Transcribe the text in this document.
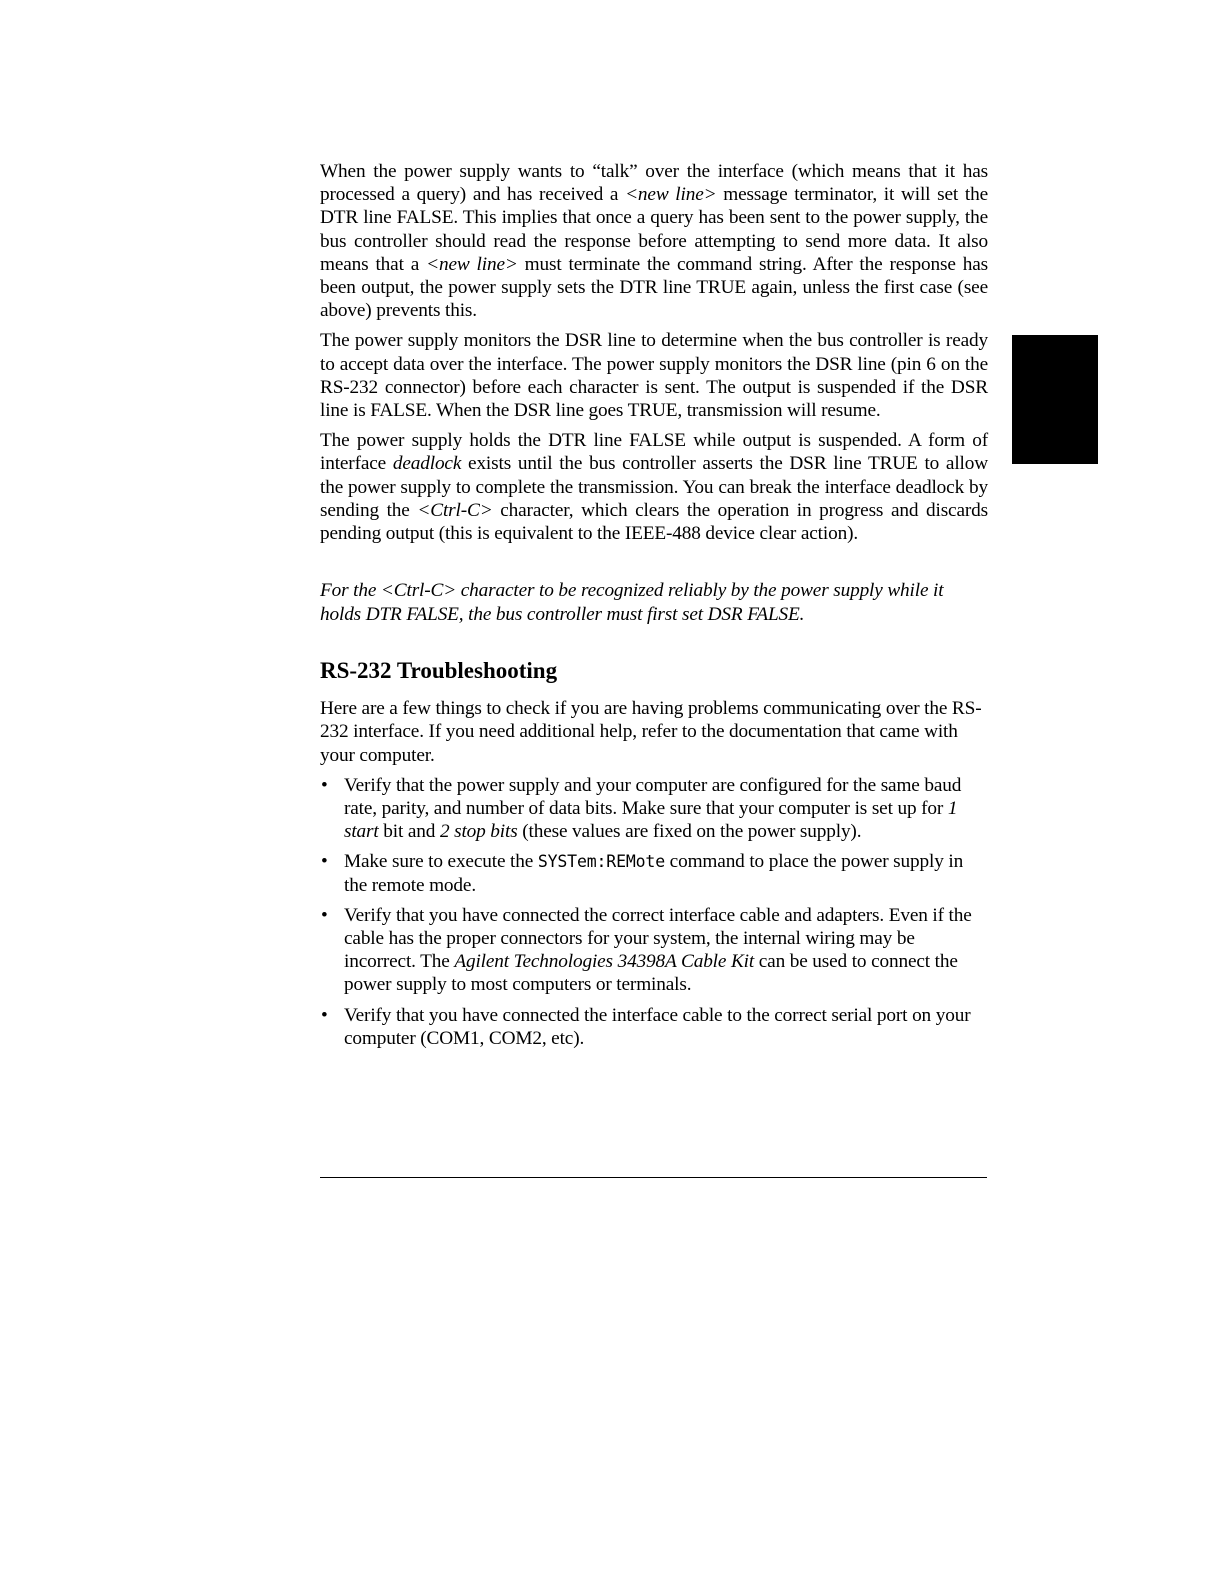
When the power supply wants to “talk” over the interface (which means that it has processed a query) and has received a <new line> message terminator, it will set the DTR line FALSE. This implies that once a query has been sent to the power supply, the bus controller should read the response before attempting to send more data. It also means that a <new line> must terminate the command string. After the response has been output, the power supply sets the DTR line TRUE again, unless the first case (see above) prevents this.

The power supply monitors the DSR line to determine when the bus controller is ready to accept data over the interface. The power supply monitors the DSR line (pin 6 on the RS-232 connector) before each character is sent. The output is suspended if the DSR line is FALSE. When the DSR line goes TRUE, transmission will resume.

The power supply holds the DTR line FALSE while output is suspended. A form of interface deadlock exists until the bus controller asserts the DSR line TRUE to allow the power supply to complete the transmission. You can break the interface deadlock by sending the <Ctrl-C> character, which clears the operation in progress and discards pending output (this is equivalent to the IEEE-488 device clear action).

For the <Ctrl-C> character to be recognized reliably by the power supply while it holds DTR FALSE, the bus controller must first set DSR FALSE.

RS-232 Troubleshooting

Here are a few things to check if you are having problems communicating over the RS-232 interface. If you need additional help, refer to the documentation that came with your computer.

• Verify that the power supply and your computer are configured for the same baud rate, parity, and number of data bits. Make sure that your computer is set up for 1 start bit and 2 stop bits (these values are fixed on the power supply).
• Make sure to execute the SYSTem:REMote command to place the power supply in the remote mode.
• Verify that you have connected the correct interface cable and adapters. Even if the cable has the proper connectors for your system, the internal wiring may be incorrect. The Agilent Technologies 34398A Cable Kit can be used to connect the power supply to most computers or terminals.
• Verify that you have connected the interface cable to the correct serial port on your computer (COM1, COM2, etc).
